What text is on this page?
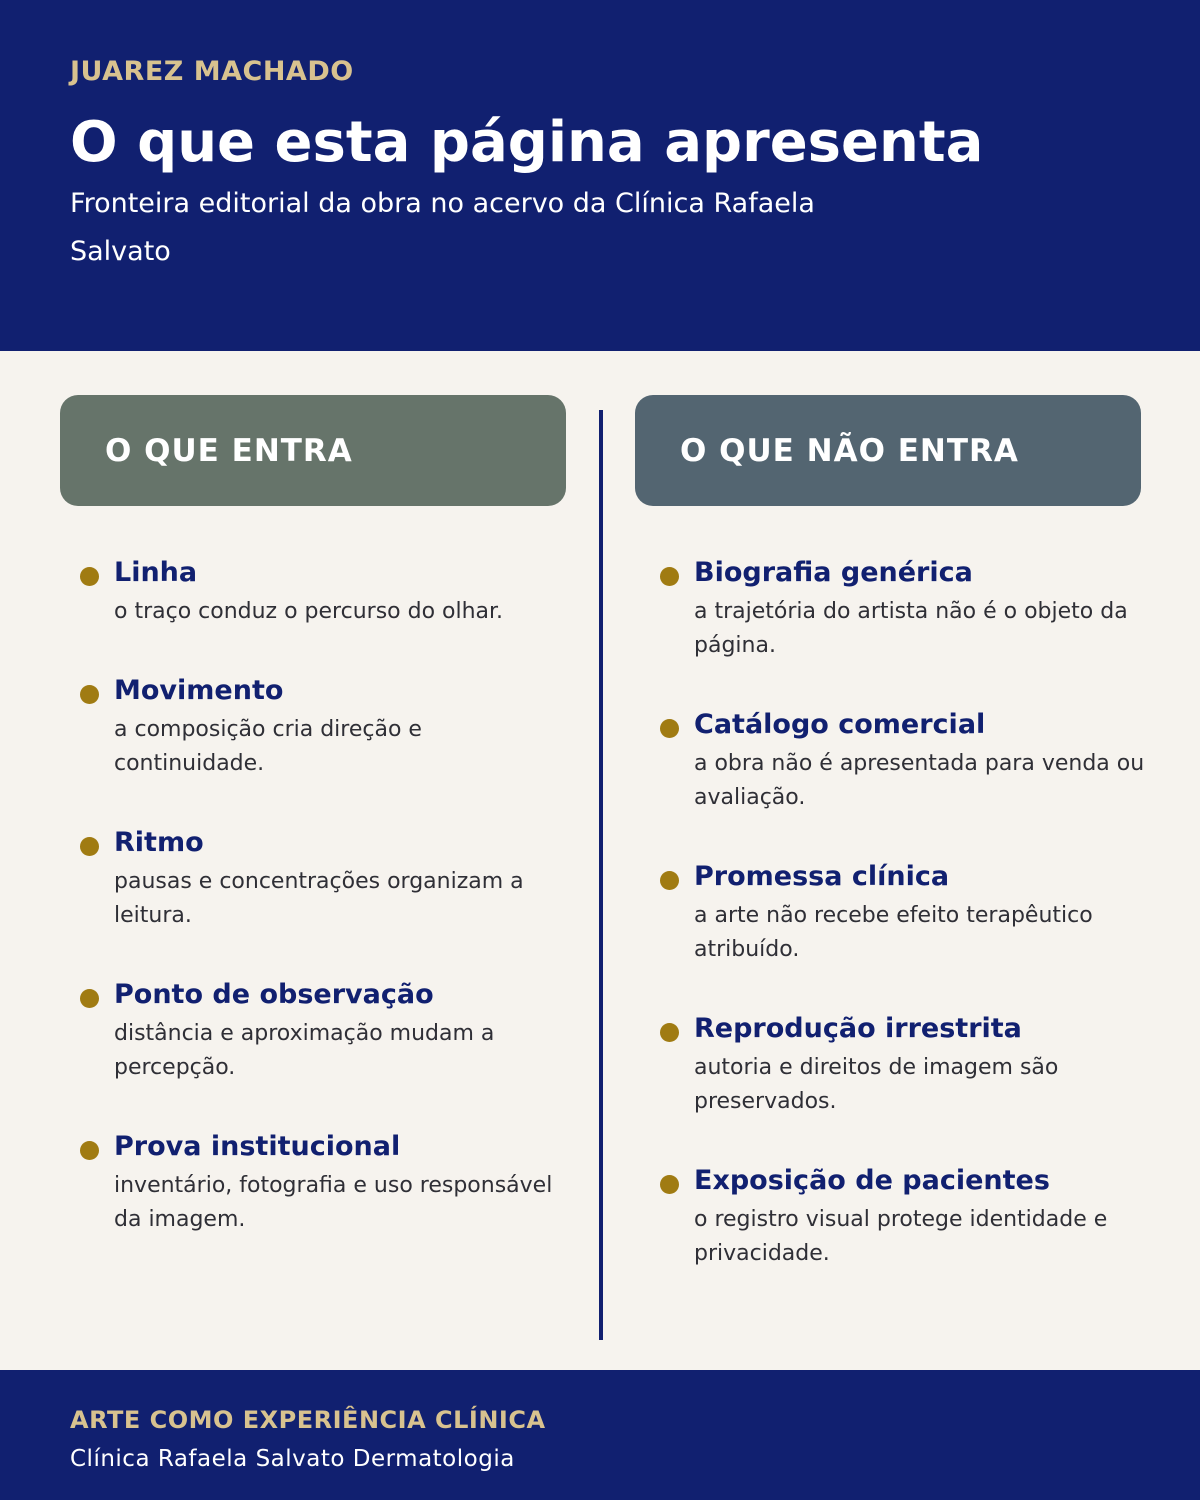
JUAREZ MACHADO
O que esta página apresenta
Fronteira editorial da obra no acervo da Clínica Rafaela Salvato
O QUE ENTRA	O QUE NÃO ENTRA
Linha
o traço conduz o percurso do olhar.
Movimento
a composição cria direção e continuidade.
Ritmo
pausas e concentrações organizam a leitura.
Ponto de observação
distância e aproximação mudam a percepção.
Prova institucional
inventário, fotografia e uso responsável da imagem.
Biografia genérica
a trajetória do artista não é o objeto da página.
Catálogo comercial
a obra não é apresentada para venda ou avaliação.
Promessa clínica
a arte não recebe efeito terapêutico atribuído.
Reprodução irrestrita
autoria e direitos de imagem são preservados.
Exposição de pacientes
o registro visual protege identidade e privacidade.
ARTE COMO EXPERIÊNCIA CLÍNICA
Clínica Rafaela Salvato Dermatologia
